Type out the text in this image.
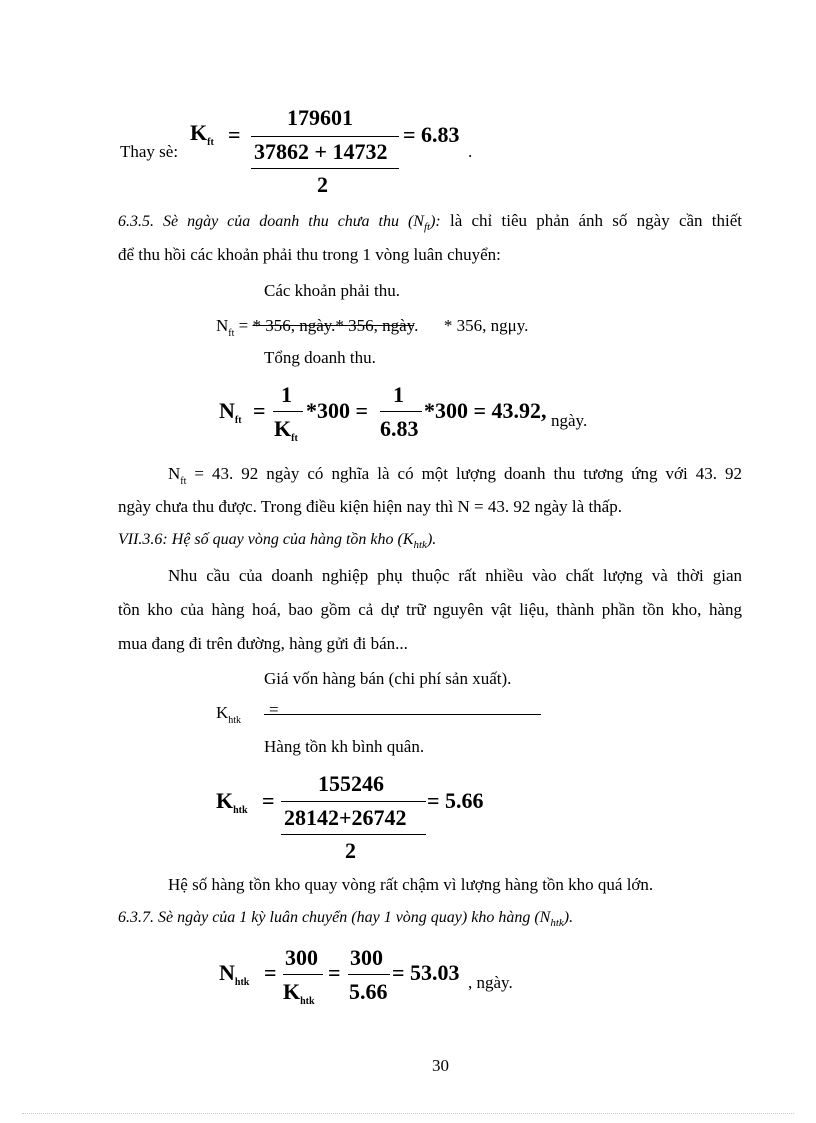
Thay sè:
$K_{ft}$ =
179601
37862 + 14732
2
= 6.83
.
6.3.5. Sè ngày của doanh thu chưa thu $(N_{ft})$: là chỉ tiêu phản ánh số ngày cần thiết
để thu hồi các khoản phải thu trong 1 vòng luân chuyển:
Các khoản phải thu.
$N_{ft}$ = * 356, ngày.* 356, ngày.      * 356, ngμy.
Tổng doanh thu.
$N_{ft}$ =
1
$K_{ft}$
*300 =
1
6.83
*300 = 43.92, ngày.
$N_{ft} = 43$. 92 ngày có nghĩa là có một lượng doanh thu tương ứng với 43. 92
ngày chưa thu được. Trong điều kiện hiện nay thì N = 43. 92 ngày là thấp.
VII.3.6: Hệ số quay vòng của hàng tồn kho $(K_{htk})$.
Nhu cầu của doanh nghiệp phụ thuộc rất nhiều vào chất lượng và thời gian
tồn kho của hàng hoá, bao gồm cả dự trữ nguyên vật liệu, thành phần tồn kho, hàng
mua đang đi trên đường, hàng gửi đi bán...
Giá vốn hàng bán (chi phí sản xuất).
$K_{htk}$
=
Hàng tồn kh bình quân.
$K_{htk}$ =
155246
28142+26742
2
= 5.66
Hệ số hàng tồn kho quay vòng rất chậm vì lượng hàng tồn kho quá lớn.
6.3.7. Sè ngày của 1 kỳ luân chuyển (hay 1 vòng quay) kho hàng $(N_{htk})$.
$N_{htk}$ =
300
$K_{htk}$
=
300
5.66
= 53.03 , ngày.
30
